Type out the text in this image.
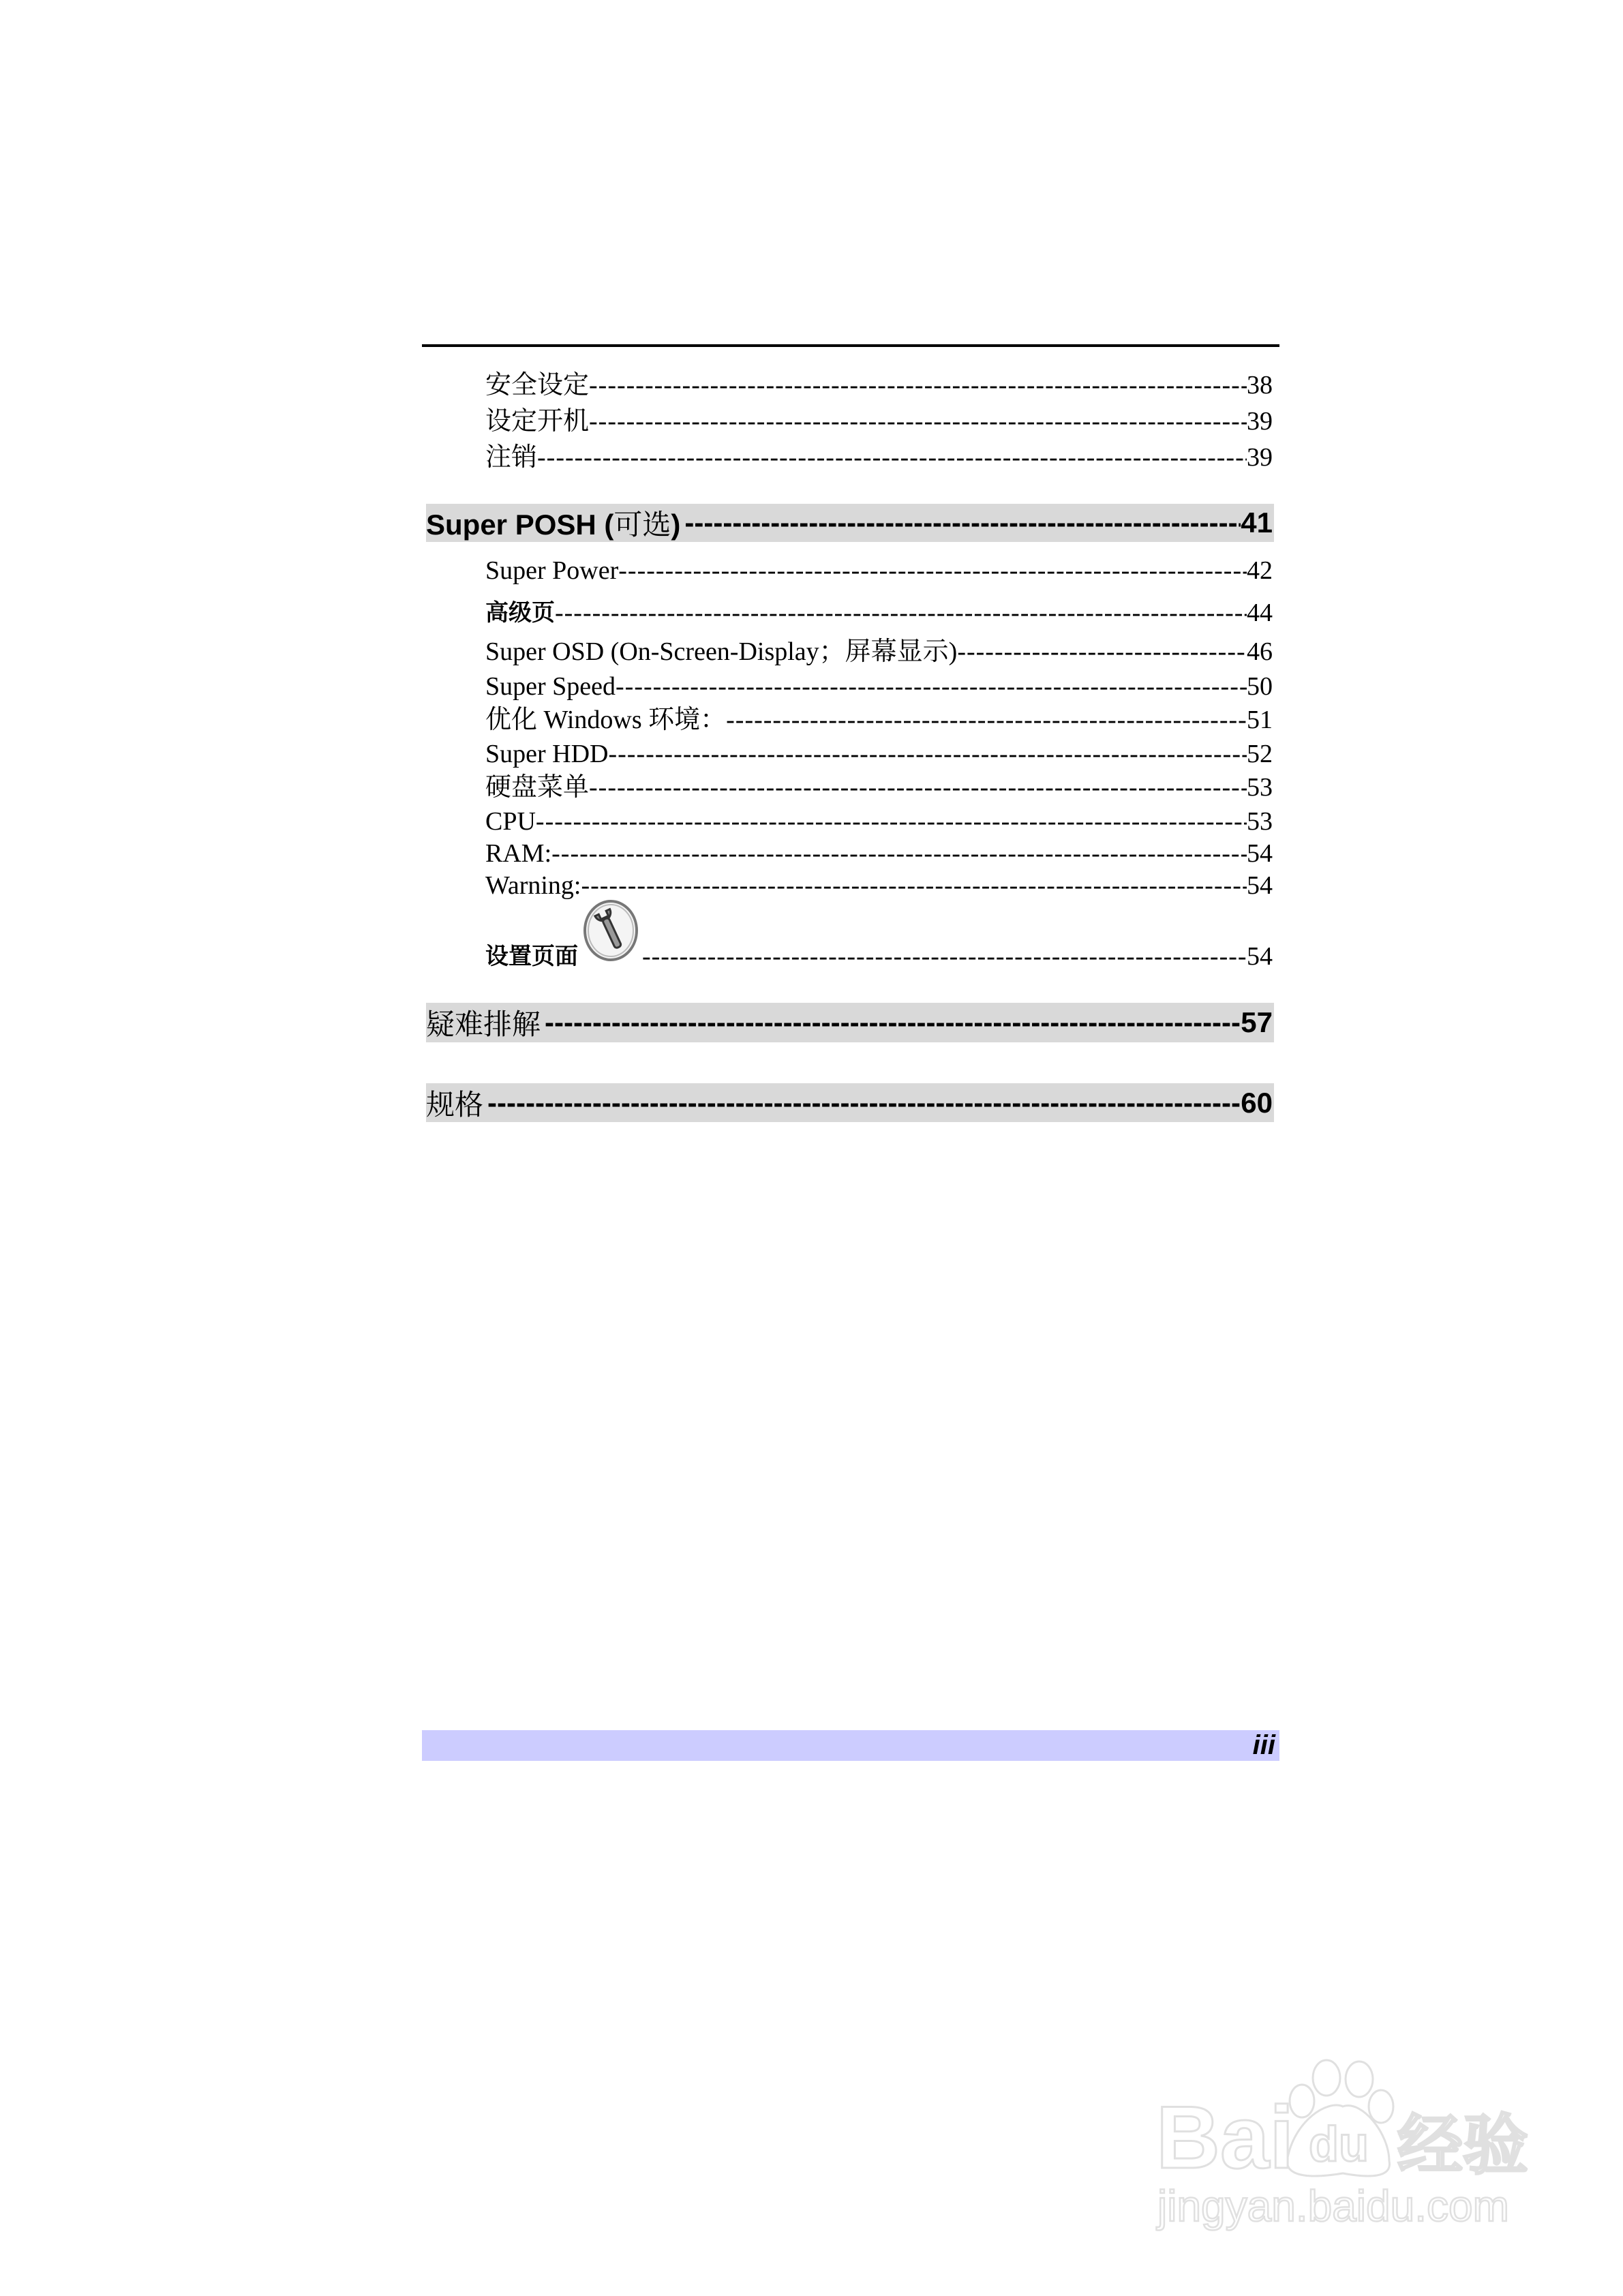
安全设定 -----	38
设定开机 -----	39
注销 -----	39
Super POSH (可选) -----	41
Super Power -----	42
高级页 -----	44
Super OSD (On-Screen-Display；屏幕显示) -----	46
Super Speed -----	50
优化 Windows 环境： -----	51
Super HDD -----	52
硬盘菜单 -----	53
CPU -----	53
RAM: -----	54
Warning: -----	54
设置页面 -----	54
疑难排解 -----	57
规格 -----	60
iii
Bai du 经验
jingyan.baidu.com
